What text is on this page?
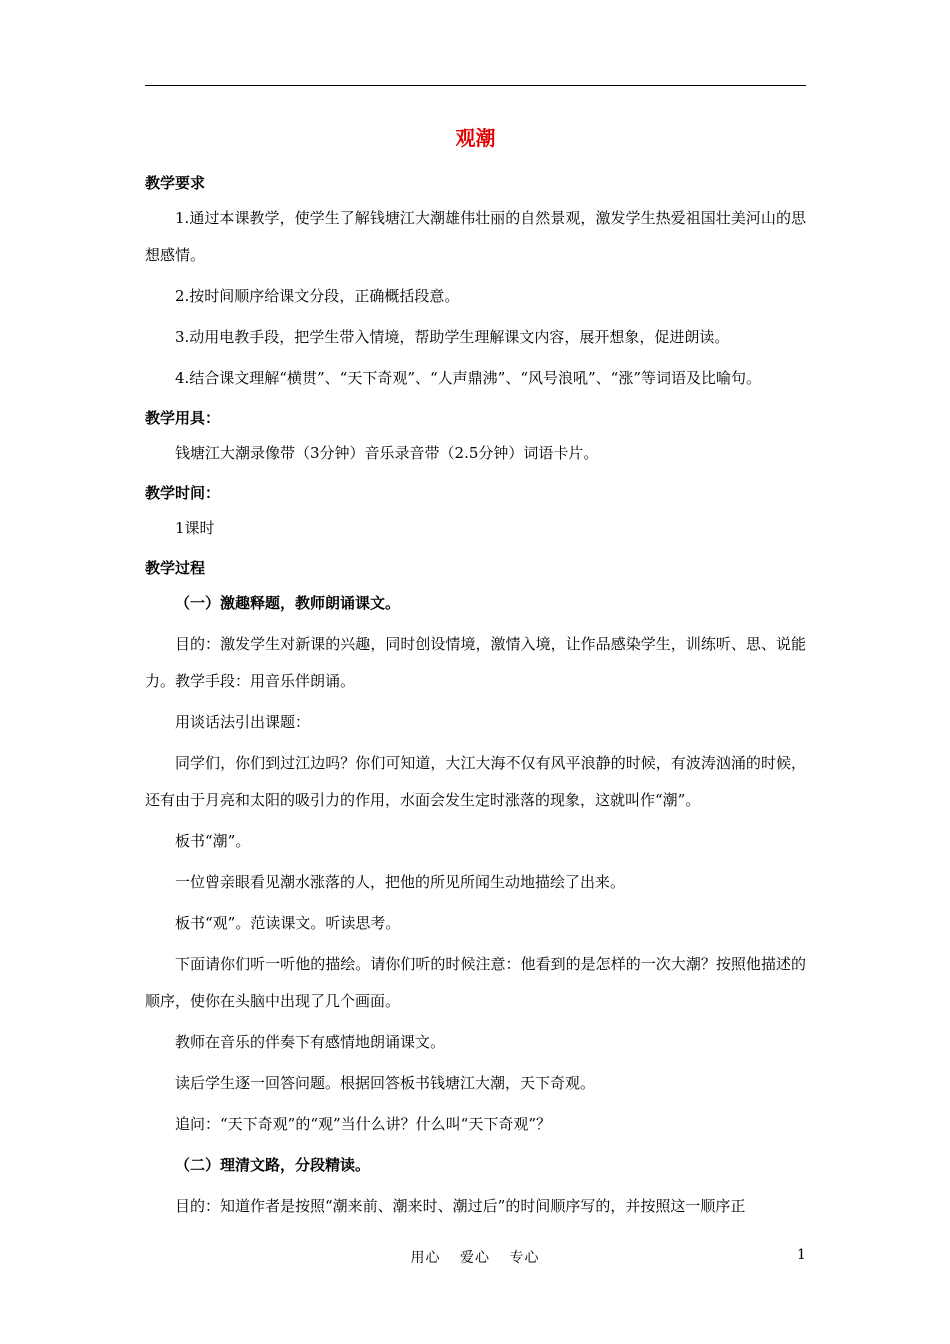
观潮
教学要求

1.通过本课教学，使学生了解钱塘江大潮雄伟壮丽的自然景观，激发学生热爱祖国壮美河山的思想感情。

2.按时间顺序给课文分段，正确概括段意。

3.动用电教手段，把学生带入情境，帮助学生理解课文内容，展开想象，促进朗读。

4.结合课文理解“横贯”、“天下奇观”、“人声鼎沸”、“风号浪吼”、“涨”等词语及比喻句。

教学用具：

钱塘江大潮录像带（3分钟）音乐录音带（2.5分钟）词语卡片。

教学时间：

1课时

教学过程
（一）激趣释题，教师朗诵课文。

目的：激发学生对新课的兴趣，同时创设情境，激情入境，让作品感染学生，训练听、思、说能力。教学手段：用音乐伴朗诵。

用谈话法引出课题：

同学们，你们到过江边吗？你们可知道，大江大海不仅有风平浪静的时候，有波涛汹涌的时候，还有由于月亮和太阳的吸引力的作用，水面会发生定时涨落的现象，这就叫作“潮”。

板书“潮”。

一位曾亲眼看见潮水涨落的人，把他的所见所闻生动地描绘了出来。

板书“观”。范读课文。听读思考。

下面请你们听一听他的描绘。请你们听的时候注意：他看到的是怎样的一次大潮？按照他描述的顺序，使你在头脑中出现了几个画面。

教师在音乐的伴奏下有感情地朗诵课文。

读后学生逐一回答问题。根据回答板书钱塘江大潮，天下奇观。

追问：“天下奇观”的“观”当什么讲？什么叫“天下奇观”？

（二）理清文路，分段精读。

目的：知道作者是按照“潮来前、潮来时、潮过后”的时间顺序写的，并按照这一顺序正

用心 爱心 专心	1
